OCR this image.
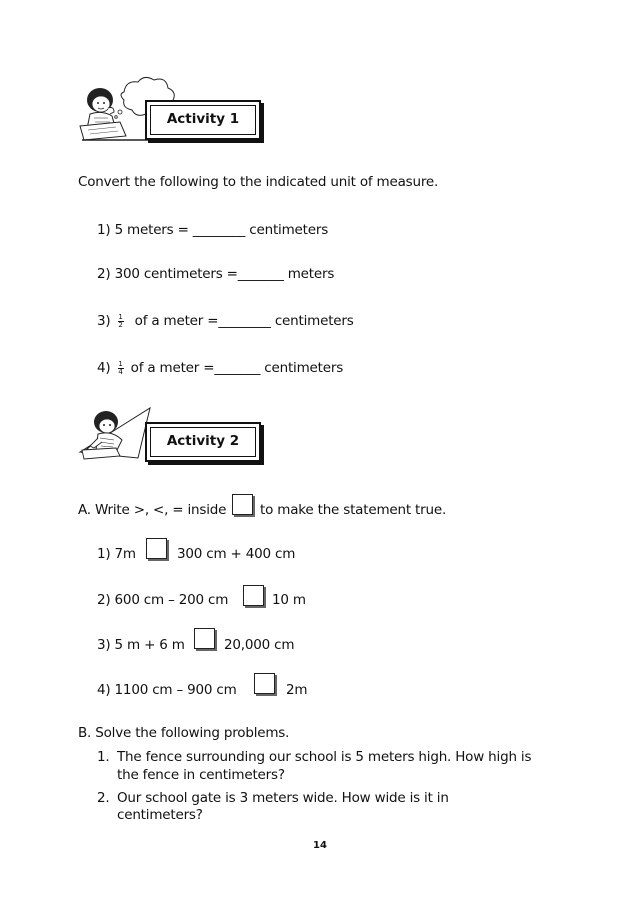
Activity 1
Convert the following to the indicated unit of measure.
1) 5 meters = ________ centimeters
2) 300 centimeters =_______ meters
$3) \frac{1}{2}$ of a meter =________ centimeters
$4) \frac{1}{4}$ of a meter =_______ centimeters
Activity 2
A. Write >, <, = inside to make the statement true.
1) 7m	300 cm + 400 cm
2) 600 cm – 200 cm	10 m
3) 5 m + 6 m	20,000 cm
4) 1100 cm – 900 cm	2m
B. Solve the following problems.
1. The fence surrounding our school is 5 meters high. How high is
the fence in centimeters?
2. Our school gate is 3 meters wide. How wide is it in
centimeters?
14
